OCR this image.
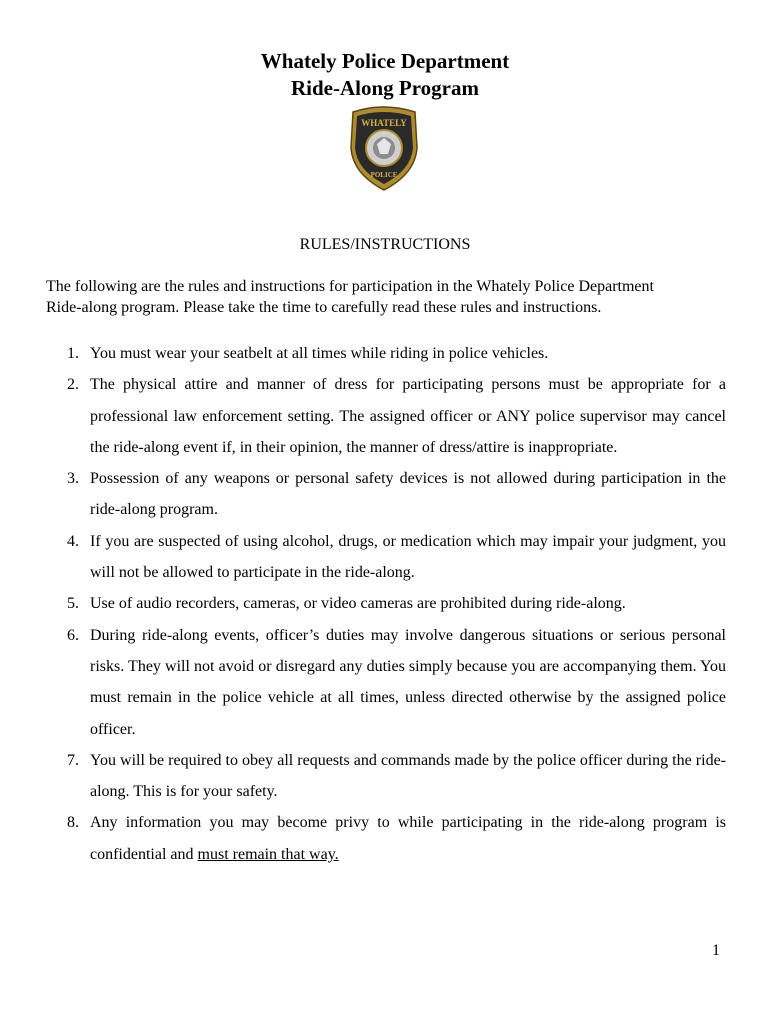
Whately Police Department
Ride-Along Program
WHATELY
POLICE
RULES/INSTRUCTIONS
The following are the rules and instructions for participation in the Whately Police Department
Ride-along program. Please take the time to carefully read these rules and instructions.
1. You must wear your seatbelt at all times while riding in police vehicles.
2. The physical attire and manner of dress for participating persons must be appropriate for a professional law enforcement setting. The assigned officer or ANY police supervisor may cancel the ride-along event if, in their opinion, the manner of dress/attire is inappropriate.
3. Possession of any weapons or personal safety devices is not allowed during participation in the ride-along program.
4. If you are suspected of using alcohol, drugs, or medication which may impair your judgment, you will not be allowed to participate in the ride-along.
5. Use of audio recorders, cameras, or video cameras are prohibited during ride-along.
6. During ride-along events, officer’s duties may involve dangerous situations or serious personal risks. They will not avoid or disregard any duties simply because you are accompanying them. You must remain in the police vehicle at all times, unless directed otherwise by the assigned police officer.
7. You will be required to obey all requests and commands made by the police officer during the ride-along. This is for your safety.
8. Any information you may become privy to while participating in the ride-along program is confidential and must remain that way.
1
